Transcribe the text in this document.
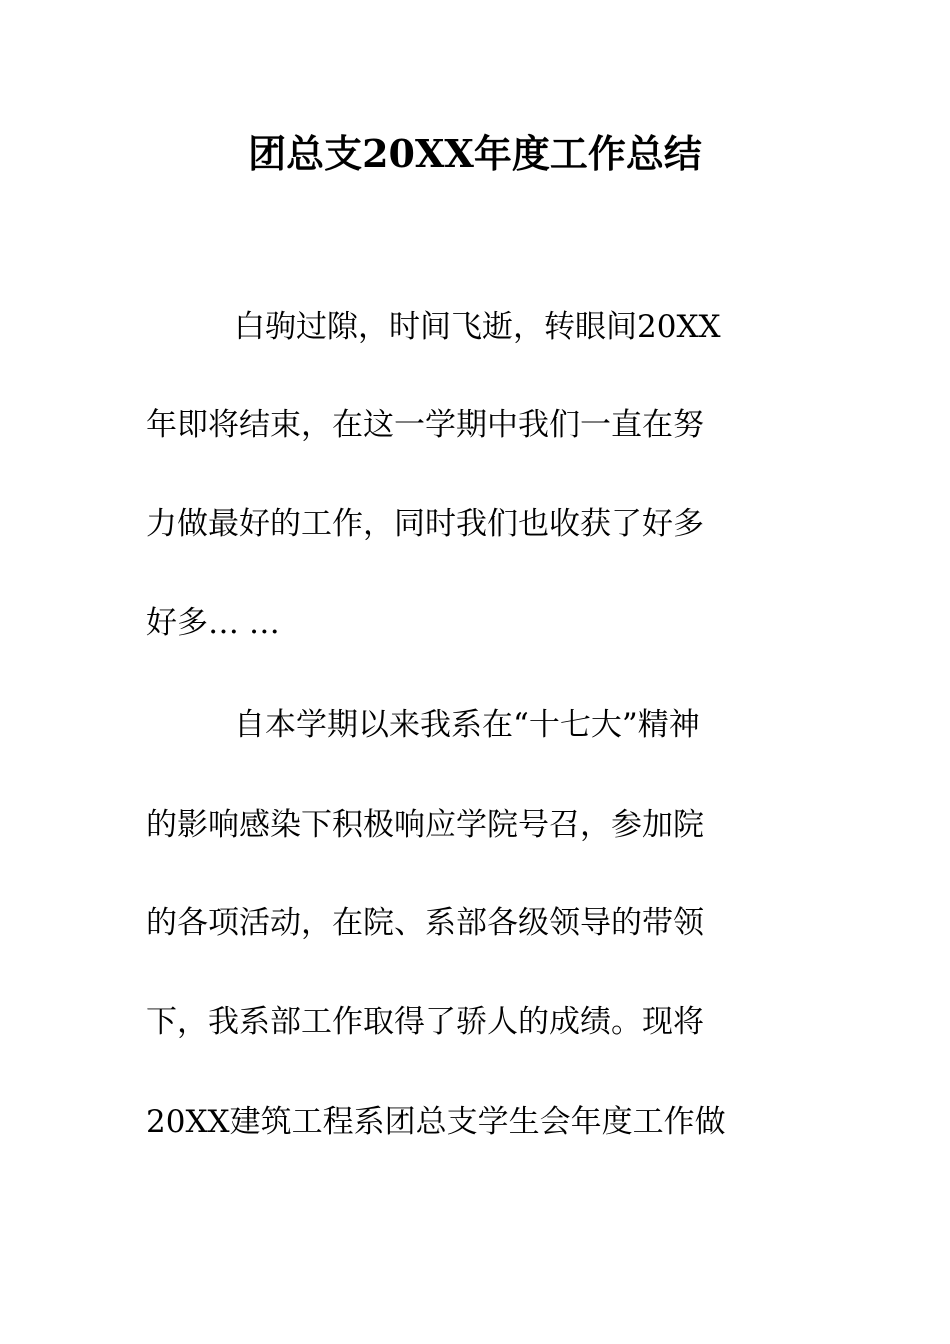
团总支20XX年度工作总结
白驹过隙，时间飞逝，转眼间20XX
年即将结束，在这一学期中我们一直在努
力做最好的工作，同时我们也收获了好多
好多… …
自本学期以来我系在“十七大”精神
的影响感染下积极响应学院号召，参加院
的各项活动，在院、系部各级领导的带领
下，我系部工作取得了骄人的成绩。现将
20XX建筑工程系团总支学生会年度工作做
